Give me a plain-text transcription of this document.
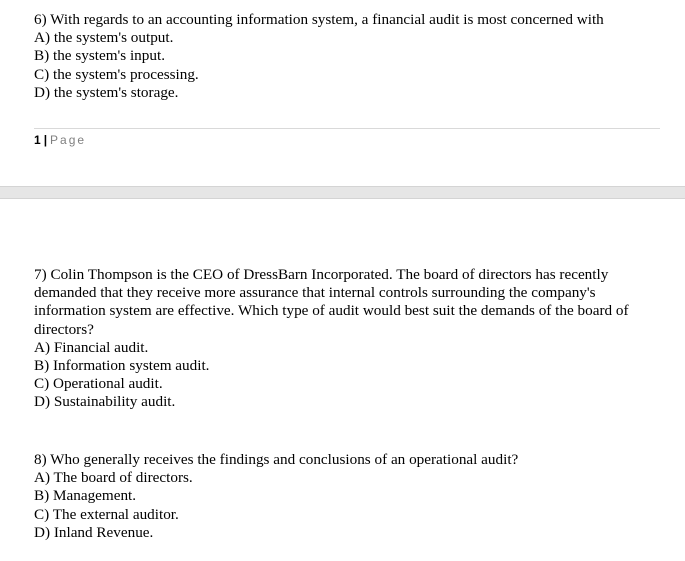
6) With regards to an accounting information system, a financial audit is most concerned with
A) the system's output.
B) the system's input.
C) the system's processing.
D) the system's storage.
1 | Page
7) Colin Thompson is the CEO of DressBarn Incorporated. The board of directors has recently demanded that they receive more assurance that internal controls surrounding the company's information system are effective. Which type of audit would best suit the demands of the board of directors?
A) Financial audit.
B) Information system audit.
C) Operational audit.
D) Sustainability audit.
8) Who generally receives the findings and conclusions of an operational audit?
A) The board of directors.
B) Management.
C) The external auditor.
D) Inland Revenue.
